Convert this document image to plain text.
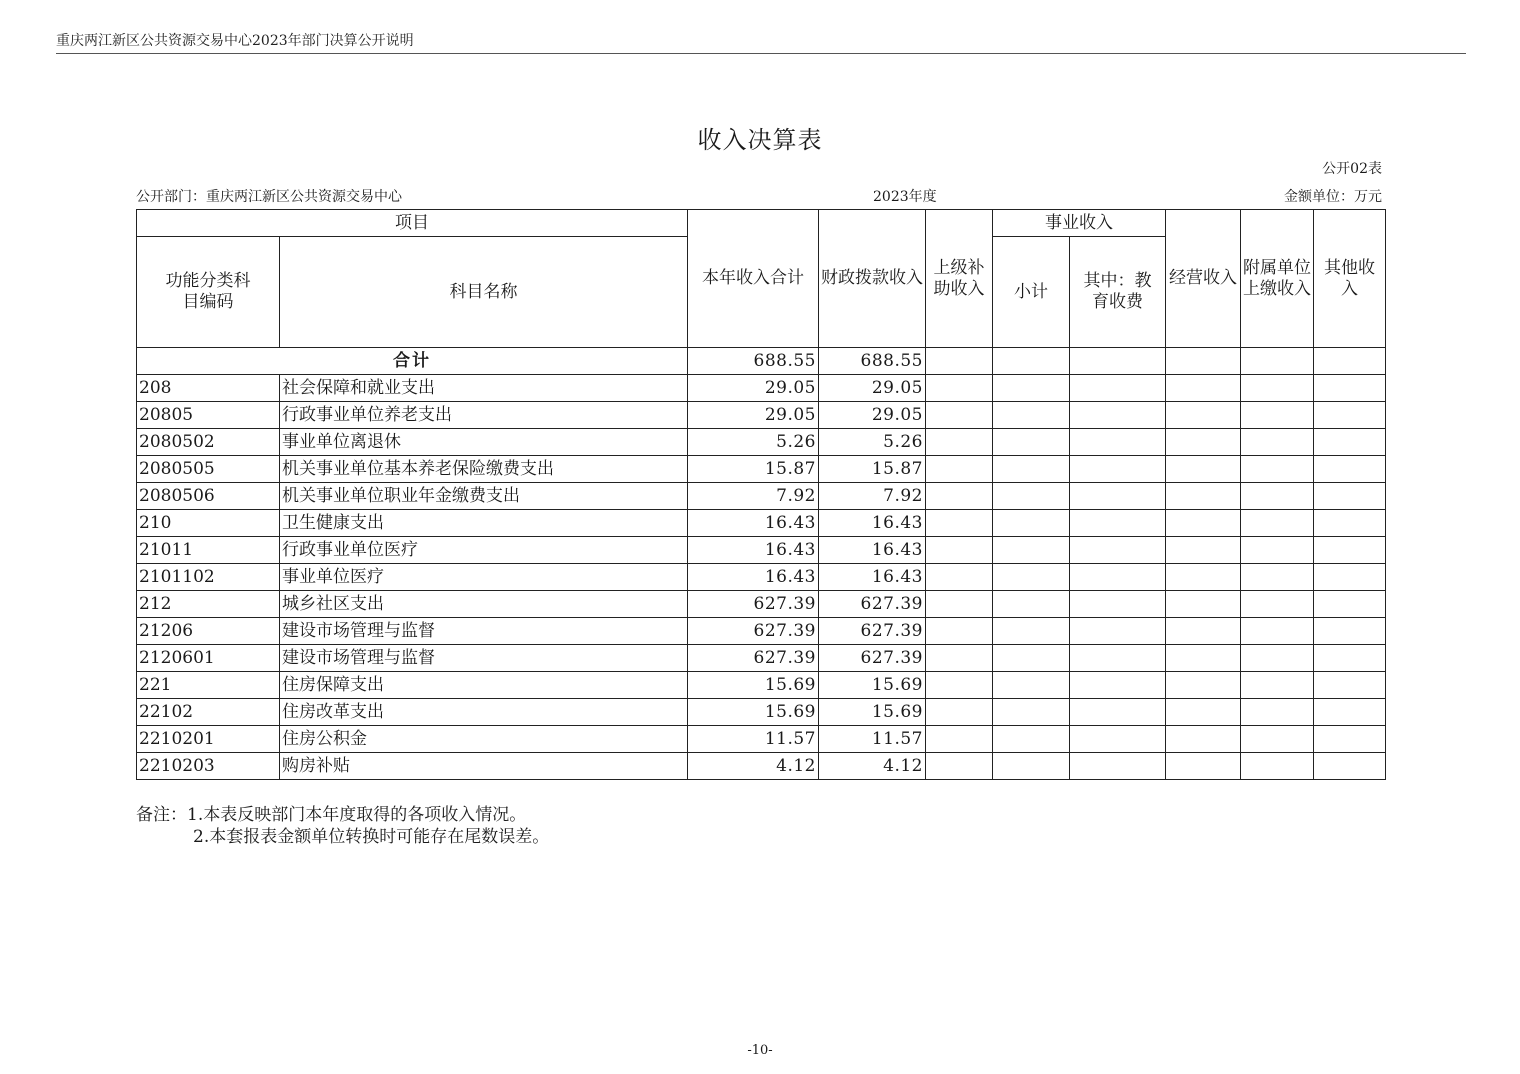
重庆两江新区公共资源交易中心2023年部门决算公开说明
收入决算表
公开02表
公开部门：重庆两江新区公共资源交易中心	2023年度	金额单位：万元
项目		本年收入合计	财政拨款收入	上级补助收入	事业收入		经营收入	附属单位上缴收入	其他收入
功能分类科目编码	科目名称				小计	其中：教育收费			
合计		688.55	688.55						
208	社会保障和就业支出	29.05	29.05						
20805	行政事业单位养老支出	29.05	29.05						
2080502	事业单位离退休	5.26	5.26						
2080505	机关事业单位基本养老保险缴费支出	15.87	15.87						
2080506	机关事业单位职业年金缴费支出	7.92	7.92						
210	卫生健康支出	16.43	16.43						
21011	行政事业单位医疗	16.43	16.43						
2101102	事业单位医疗	16.43	16.43						
212	城乡社区支出	627.39	627.39						
21206	建设市场管理与监督	627.39	627.39						
2120601	建设市场管理与监督	627.39	627.39						
221	住房保障支出	15.69	15.69						
22102	住房改革支出	15.69	15.69						
2210201	住房公积金	11.57	11.57						
2210203	购房补贴	4.12	4.12						
备注：1.本表反映部门本年度取得的各项收入情况。
2.本套报表金额单位转换时可能存在尾数误差。
-10-
